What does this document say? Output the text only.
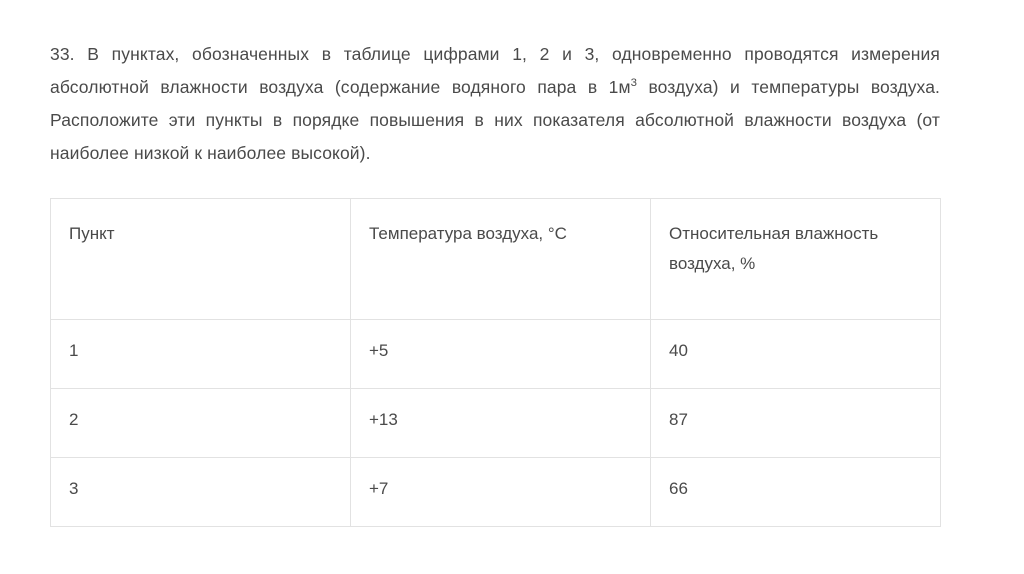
33. В пунктах, обозначенных в таблице цифрами 1, 2 и 3, одновременно проводятся измерения абсолютной влажности воздуха (содержание водяного пара в $1м^3$ воздуха) и температуры воздуха. Расположите эти пункты в порядке повышения в них показателя абсолютной влажности воздуха (от наиболее низкой к наиболее высокой).

Пункт	Температура воздуха, °C	Относительная влажность воздуха, %
1	+5	40
2	+13	87
3	+7	66
